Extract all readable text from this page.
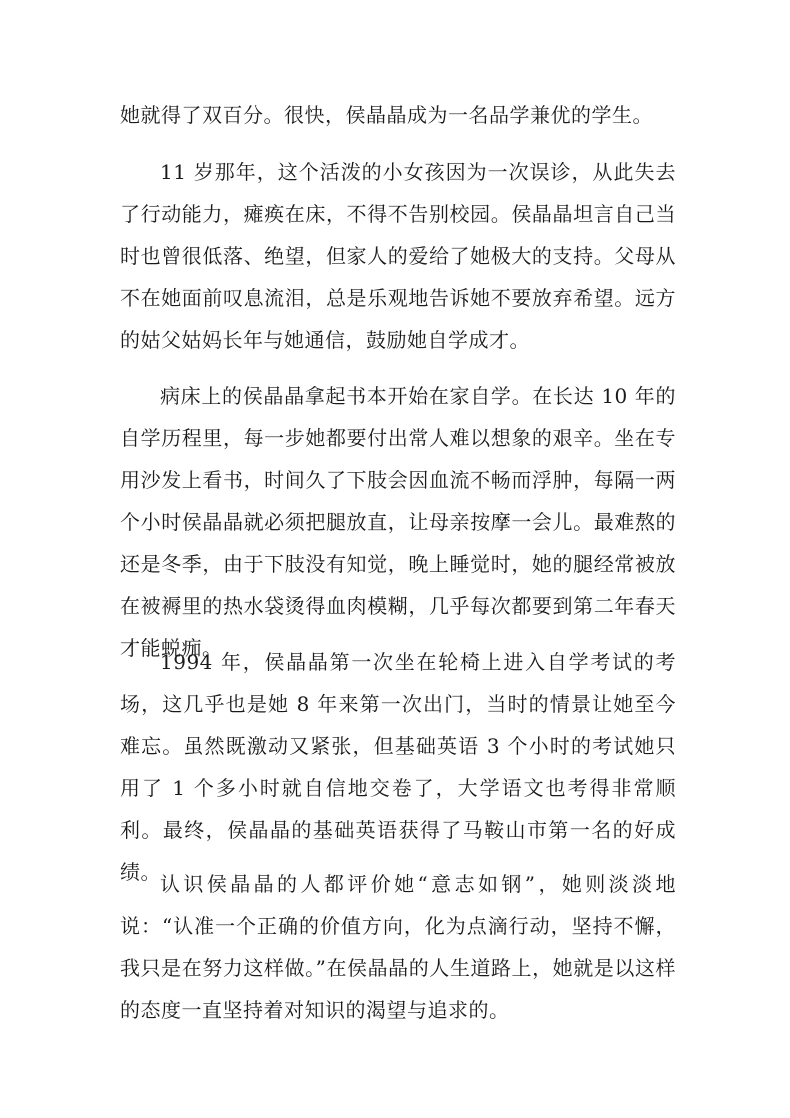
她就得了双百分。很快，侯晶晶成为一名品学兼优的学生。

11 岁那年，这个活泼的小女孩因为一次误诊，从此失去了行动能力，瘫痪在床，不得不告别校园。侯晶晶坦言自己当时也曾很低落、绝望，但家人的爱给了她极大的支持。父母从不在她面前叹息流泪，总是乐观地告诉她不要放弃希望。远方的姑父姑妈长年与她通信，鼓励她自学成才。

病床上的侯晶晶拿起书本开始在家自学。在长达 10 年的自学历程里，每一步她都要付出常人难以想象的艰辛。坐在专用沙发上看书，时间久了下肢会因血流不畅而浮肿，每隔一两个小时侯晶晶就必须把腿放直，让母亲按摩一会儿。最难熬的还是冬季，由于下肢没有知觉，晚上睡觉时，她的腿经常被放在被褥里的热水袋烫得血肉模糊，几乎每次都要到第二年春天才能蜕痂。

1994 年，侯晶晶第一次坐在轮椅上进入自学考试的考场，这几乎也是她 8 年来第一次出门，当时的情景让她至今难忘。虽然既激动又紧张，但基础英语 3 个小时的考试她只用了 1 个多小时就自信地交卷了，大学语文也考得非常顺利。最终，侯晶晶的基础英语获得了马鞍山市第一名的好成绩。 认识侯晶晶的人都评价她“意志如钢”，她则淡淡地说：“认准一个正确的价值方向，化为点滴行动，坚持不懈，我只是在努力这样做。”在侯晶晶的人生道路上，她就是以这样的态度一直坚持着对知识的渴望与追求的。
